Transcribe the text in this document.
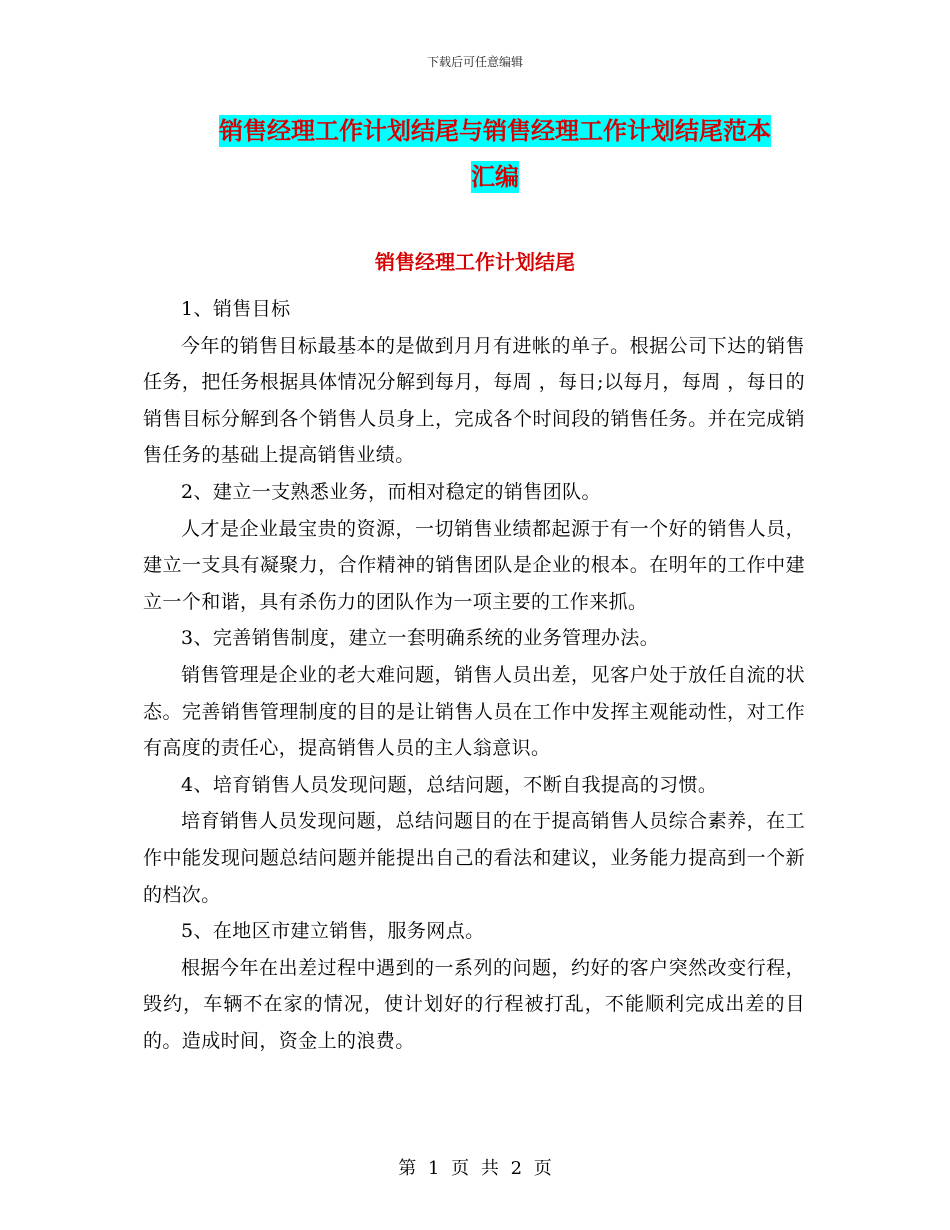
下载后可任意编辑
销售经理工作计划结尾与销售经理工作计划结尾范本
汇编
销售经理工作计划结尾

1、销售目标

今年的销售目标最基本的是做到月月有进帐的单子。根据公司下达的销售任务，把任务根据具体情况分解到每月，每周 ，每日;以每月，每周 ，每日的销售目标分解到各个销售人员身上，完成各个时间段的销售任务。并在完成销售任务的基础上提高销售业绩。

2、建立一支熟悉业务，而相对稳定的销售团队。

人才是企业最宝贵的资源，一切销售业绩都起源于有一个好的销售人员，建立一支具有凝聚力，合作精神的销售团队是企业的根本。在明年的工作中建立一个和谐，具有杀伤力的团队作为一项主要的工作来抓。

3、完善销售制度，建立一套明确系统的业务管理办法。

销售管理是企业的老大难问题，销售人员出差，见客户处于放任自流的状态。完善销售管理制度的目的是让销售人员在工作中发挥主观能动性，对工作有高度的责任心，提高销售人员的主人翁意识。

4、培育销售人员发现问题，总结问题，不断自我提高的习惯。

培育销售人员发现问题，总结问题目的在于提高销售人员综合素养，在工作中能发现问题总结问题并能提出自己的看法和建议，业务能力提高到一个新的档次。

5、在地区市建立销售，服务网点。

根据今年在出差过程中遇到的一系列的问题，约好的客户突然改变行程，毁约，车辆不在家的情况，使计划好的行程被打乱，不能顺利完成出差的目的。造成时间，资金上的浪费。

第 1 页 共 2 页
